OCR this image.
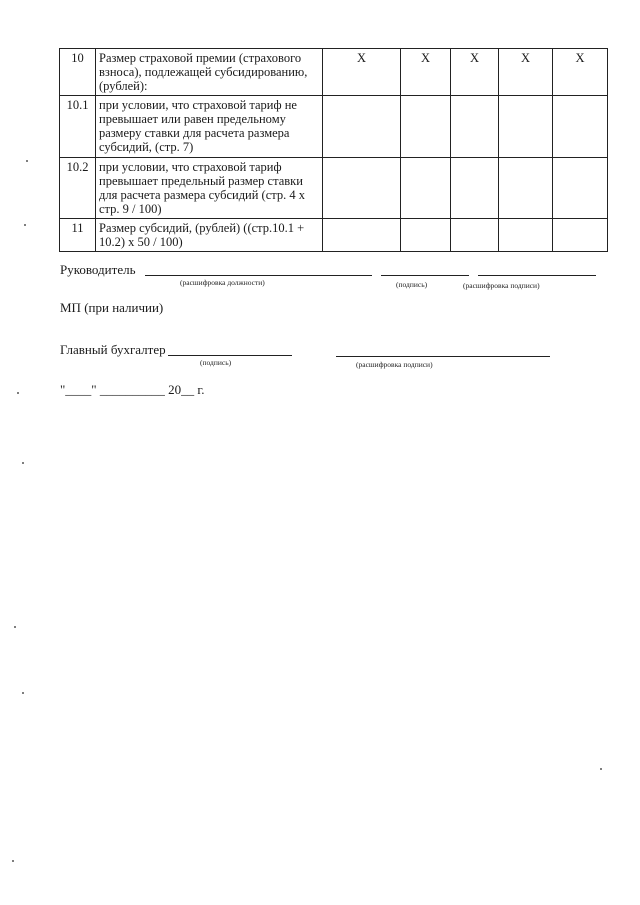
10	Размер страховой премии (страхового взноса), подлежащей субсидированию, (рублей):	X	X	X	X	X
10.1	при условии, что страховой тариф не превышает или равен предельному размеру ставки для расчета размера субсидий, (стр. 7)					
10.2	при условии, что страховой тариф превышает предельный размер ставки для расчета размера субсидий (стр. 4 х стр. 9 / 100)					
11	Размер субсидий, (рублей) ((стр.10.1 + 10.2) х 50 / 100)					
Руководитель
(расшифровка должности)	(подпись)	(расшифровка подписи)
МП (при наличии)
Главный бухгалтер
(подпись)	(расшифровка подписи)
"____" __________ 20__ г.
